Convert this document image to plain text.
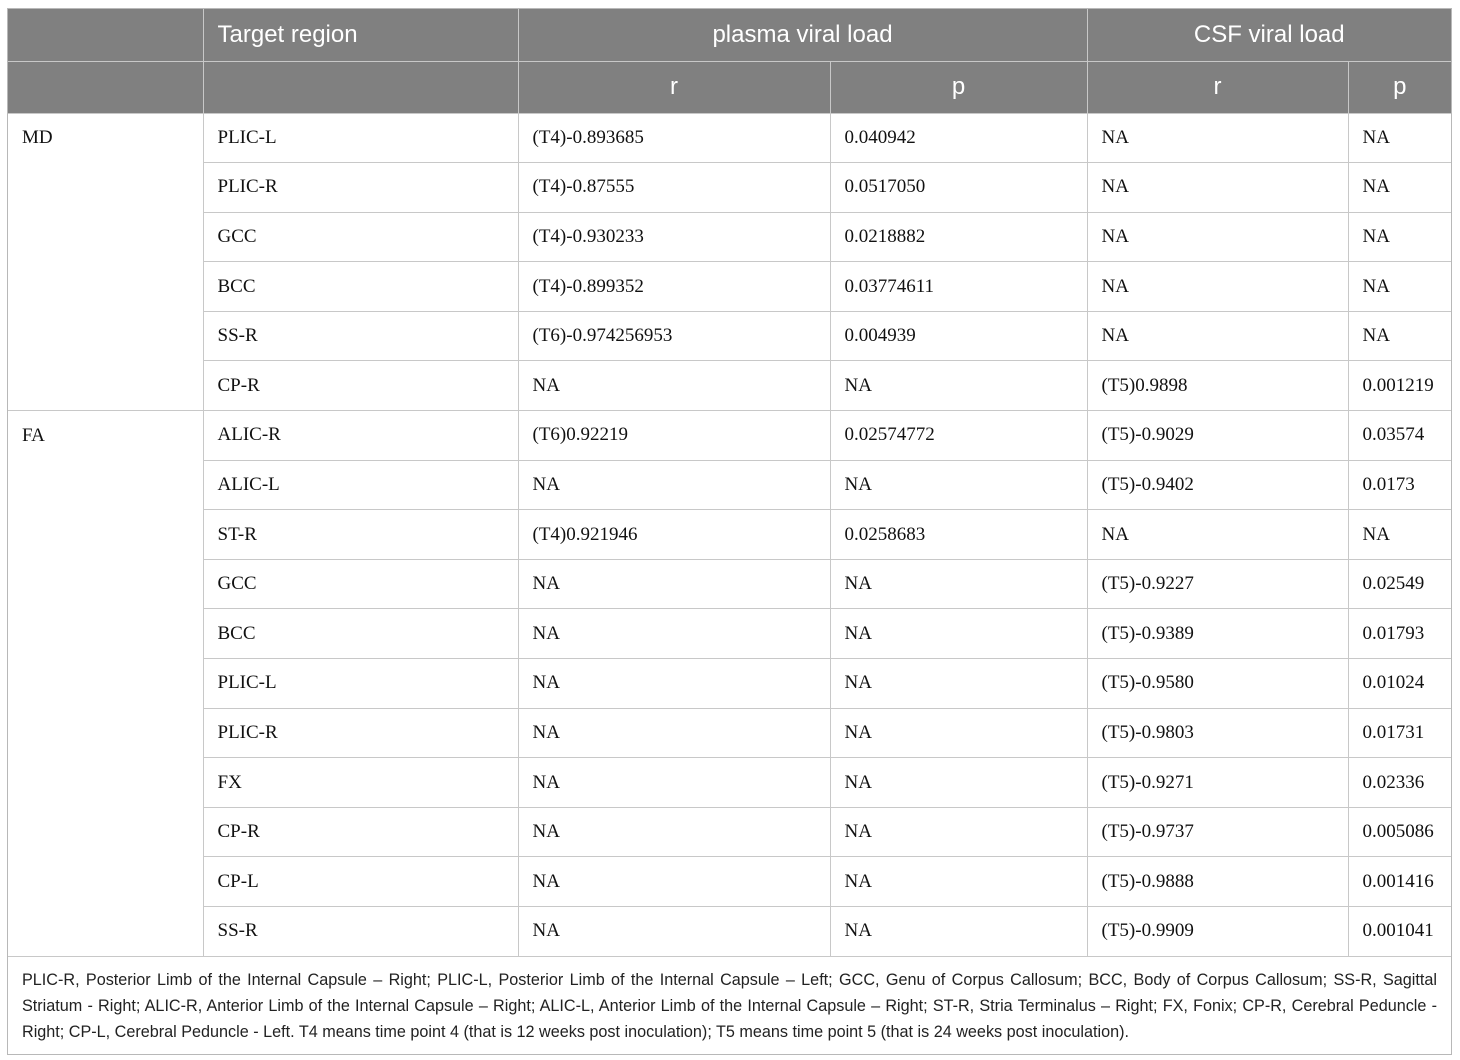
	Target region	plasma viral load		CSF viral load	
		r	p	r	p
MD	PLIC-L	(T4)-0.893685	0.040942	NA	NA
	PLIC-R	(T4)-0.87555	0.0517050	NA	NA
	GCC	(T4)-0.930233	0.0218882	NA	NA
	BCC	(T4)-0.899352	0.03774611	NA	NA
	SS-R	(T6)-0.974256953	0.004939	NA	NA
	CP-R	NA	NA	(T5)0.9898	0.001219
FA	ALIC-R	(T6)0.92219	0.02574772	(T5)-0.9029	0.03574
	ALIC-L	NA	NA	(T5)-0.9402	0.0173
	ST-R	(T4)0.921946	0.0258683	NA	NA
	GCC	NA	NA	(T5)-0.9227	0.02549
	BCC	NA	NA	(T5)-0.9389	0.01793
	PLIC-L	NA	NA	(T5)-0.9580	0.01024
	PLIC-R	NA	NA	(T5)-0.9803	0.01731
	FX	NA	NA	(T5)-0.9271	0.02336
	CP-R	NA	NA	(T5)-0.9737	0.005086
	CP-L	NA	NA	(T5)-0.9888	0.001416
	SS-R	NA	NA	(T5)-0.9909	0.001041
PLIC-R, Posterior Limb of the Internal Capsule – Right; PLIC-L, Posterior Limb of the Internal Capsule – Left; GCC, Genu of Corpus Callosum; BCC, Body of Corpus Callosum; SS-R, Sagittal Striatum - Right; ALIC-R, Anterior Limb of the Internal Capsule – Right; ALIC-L, Anterior Limb of the Internal Capsule – Right; ST-R, Stria Terminalus – Right; FX, Fonix; CP-R, Cerebral Peduncle - Right; CP-L, Cerebral Peduncle - Left. T4 means time point 4 (that is 12 weeks post inoculation); T5 means time point 5 (that is 24 weeks post inoculation).
